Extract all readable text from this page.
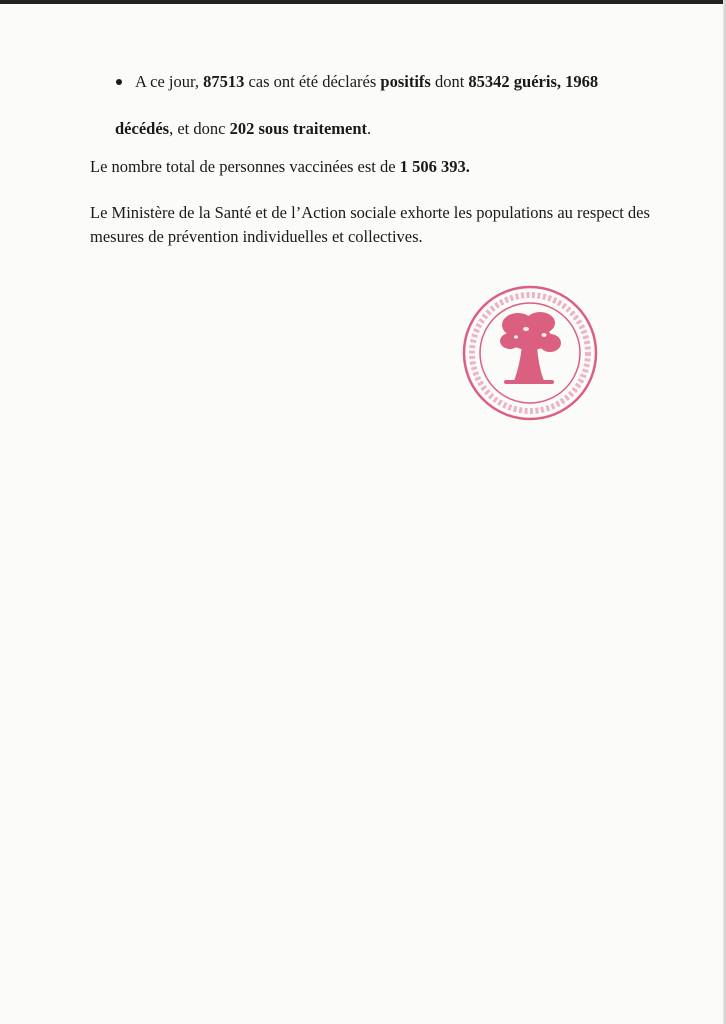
A ce jour, 87513 cas ont été déclarés positifs dont 85342 guéris, 1968
décédés, et donc 202 sous traitement.
Le nombre total de personnes vaccinées est de 1 506 393.
Le Ministère de la Santé et de l’Action sociale exhorte les populations au respect des
mesures de prévention individuelles et collectives.
